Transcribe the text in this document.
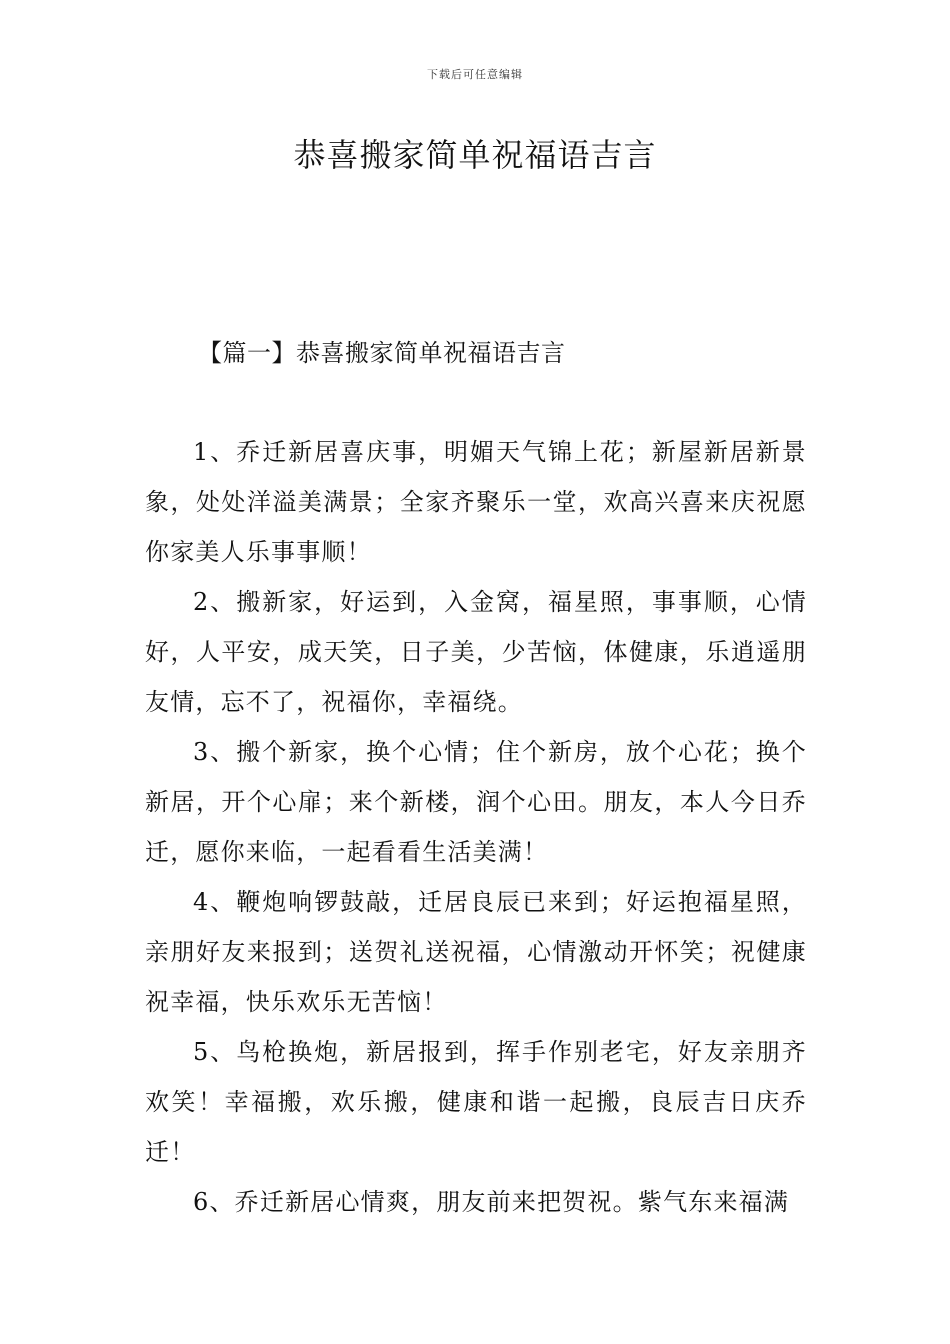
下载后可任意编辑
恭喜搬家简单祝福语吉言
【篇一】恭喜搬家简单祝福语吉言

1、乔迁新居喜庆事，明媚天气锦上花；新屋新居新景象，处处洋溢美满景；全家齐聚乐一堂，欢高兴喜来庆祝愿你家美人乐事事顺！

2、搬新家，好运到，入金窝，福星照，事事顺，心情好，人平安，成天笑，日子美，少苦恼，体健康，乐逍遥朋友情，忘不了，祝福你，幸福绕。

3、搬个新家，换个心情；住个新房，放个心花；换个新居，开个心扉；来个新楼，润个心田。朋友，本人今日乔迁，愿你来临，一起看看生活美满！

4、鞭炮响锣鼓敲，迁居良辰已来到；好运抱福星照，亲朋好友来报到；送贺礼送祝福，心情激动开怀笑；祝健康祝幸福，快乐欢乐无苦恼！

5、鸟枪换炮，新居报到，挥手作别老宅，好友亲朋齐欢笑！幸福搬，欢乐搬，健康和谐一起搬，良辰吉日庆乔迁！

6、乔迁新居心情爽，朋友前来把贺祝。紫气东来福满
